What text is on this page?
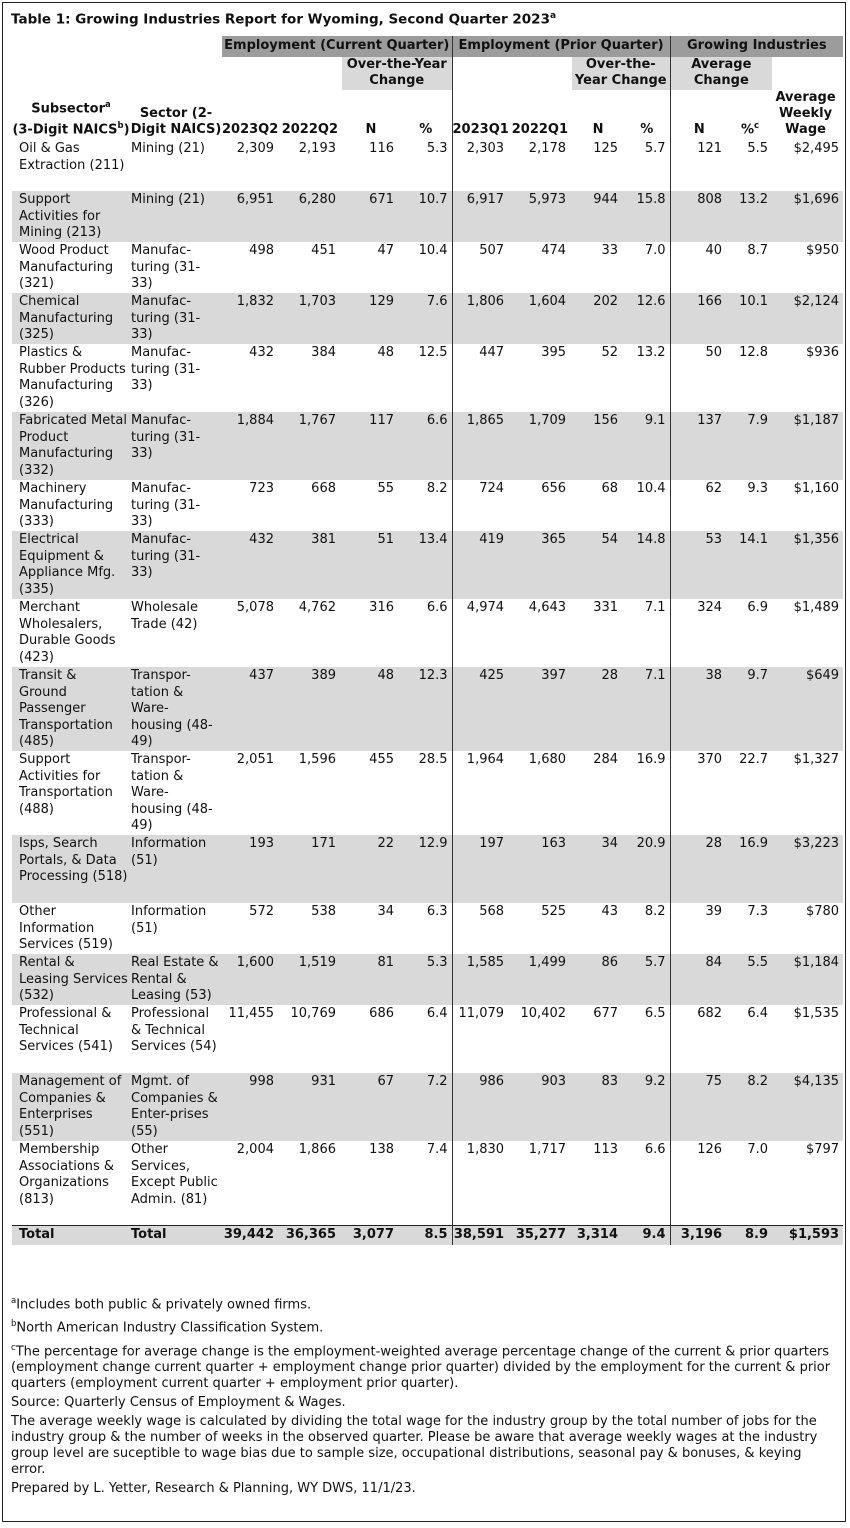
Table 1: Growing Industries Report for Wyoming, Second Quarter 2023$^a$
		Employment (Current Quarter)				Employment (Prior Quarter)				Growing Industries		
				Over-the-Year Change				Over-the-Year Change		Average Change		
Subsector$^a$
(3-Digit NAICS$^b$)	Sector (2-Digit NAICS)	2023Q2	2022Q2	N	%	2023Q1	2022Q1	N	%	N	%$^c$	Average Weekly Wage
Oil & Gas Extraction (211)	Mining (21)	2,309	2,193	116	5.3	2,303	2,178	125	5.7	121	5.5	$2,495
Support Activities for Mining (213)	Mining (21)	6,951	6,280	671	10.7	6,917	5,973	944	15.8	808	13.2	$1,696
Wood Product Manufacturing (321)	Manufac-turing (31-33)	498	451	47	10.4	507	474	33	7.0	40	8.7	$950
Chemical Manufacturing (325)	Manufac-turing (31-33)	1,832	1,703	129	7.6	1,806	1,604	202	12.6	166	10.1	$2,124
Plastics & Rubber Products Manufacturing (326)	Manufac-turing (31-33)	432	384	48	12.5	447	395	52	13.2	50	12.8	$936
Fabricated Metal Product Manufacturing (332)	Manufac-turing (31-33)	1,884	1,767	117	6.6	1,865	1,709	156	9.1	137	7.9	$1,187
Machinery Manufacturing (333)	Manufac-turing (31-33)	723	668	55	8.2	724	656	68	10.4	62	9.3	$1,160
Electrical Equipment & Appliance Mfg. (335)	Manufac-turing (31-33)	432	381	51	13.4	419	365	54	14.8	53	14.1	$1,356
Merchant Wholesalers, Durable Goods (423)	Wholesale Trade (42)	5,078	4,762	316	6.6	4,974	4,643	331	7.1	324	6.9	$1,489
Transit & Ground Passenger Transportation (485)	Transpor-tation & Ware-housing (48-49)	437	389	48	12.3	425	397	28	7.1	38	9.7	$649
Support Activities for Transportation (488)	Transpor-tation & Ware-housing (48-49)	2,051	1,596	455	28.5	1,964	1,680	284	16.9	370	22.7	$1,327
Isps, Search Portals, & Data Processing (518)	Information (51)	193	171	22	12.9	197	163	34	20.9	28	16.9	$3,223
Other Information Services (519)	Information (51)	572	538	34	6.3	568	525	43	8.2	39	7.3	$780
Rental & Leasing Services (532)	Real Estate & Rental & Leasing (53)	1,600	1,519	81	5.3	1,585	1,499	86	5.7	84	5.5	$1,184
Professional & Technical Services (541)	Professional & Technical Services (54)	11,455	10,769	686	6.4	11,079	10,402	677	6.5	682	6.4	$1,535
Management of Companies & Enterprises (551)	Mgmt. of Companies & Enter-prises (55)	998	931	67	7.2	986	903	83	9.2	75	8.2	$4,135
Membership Associations & Organizations (813)	Other Services, Except Public Admin. (81)	2,004	1,866	138	7.4	1,830	1,717	113	6.6	126	7.0	$797
Total	Total	39,442	36,365	3,077	8.5	38,591	35,277	3,314	9.4	3,196	8.9	$1,593

$^a$Includes both public & privately owned firms.

$^b$North American Industry Classification System.

$^c$The percentage for average change is the employment-weighted average percentage change of the current & prior quarters (employment change current quarter + employment change prior quarter) divided by the employment for the current & prior quarters (employment current quarter + employment prior quarter).

Source: Quarterly Census of Employment & Wages.

The average weekly wage is calculated by dividing the total wage for the industry group by the total number of jobs for the industry group & the number of weeks in the observed quarter. Please be aware that average weekly wages at the industry group level are suceptible to wage bias due to sample size, occupational distributions, seasonal pay & bonuses, & keying error.

Prepared by L. Yetter, Research & Planning, WY DWS, 11/1/23.
